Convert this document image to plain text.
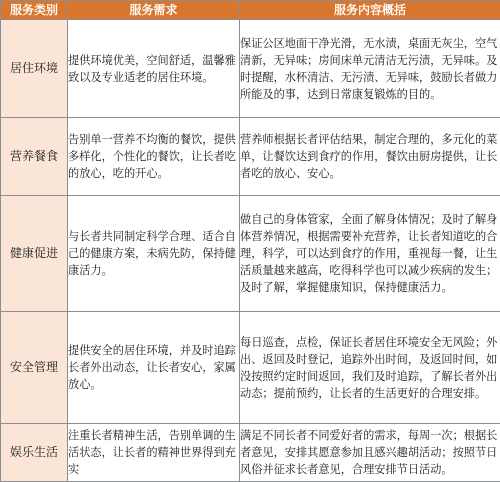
服务类别	服务需求	服务内容概括

居住环境	提供环境优美，空间舒适，温馨雅致以及专业适老的居住环境。	保证公区地面干净光滑，无水渍，桌面无灰尘，空气清新，无异味；房间床单元清洁无污渍，无异味。及时提醒，水杯清洁、无污渍、无异味，鼓励长者做力所能及的事，达到日常康复锻炼的目的。

营养餐食	告别单一营养不均衡的餐饮，提供多样化，个性化的餐饮，让长者吃的放心，吃的开心。	营养师根据长者评估结果，制定合理的，多元化的菜单，让餐饮达到食疗的作用，餐饮由厨房提供，让长者吃的放心、安心。

健康促进	与长者共同制定科学合理、适合自己的健康方案，未病先防，保持健康活力。	做自己的身体管家，全面了解身体情况；及时了解身体营养情况，根据需要补充营养，让长者知道吃的合理，科学，可以达到食疗的作用，重视每一餐，让生活质量越来越高，吃得科学也可以减少疾病的发生；及时了解，掌握健康知识，保持健康活力。

安全管理	提供安全的居住环境，并及时追踪长者外出动态，让长者安心，家属放心。	每日巡查，点检，保证长者居住环境安全无风险；外出、返回及时登记，追踪外出时间，及返回时间，如没按照约定时间返回，我们及时追踪，了解长者外出动态；提前预约，让长者的生活更好的合理安排。

娱乐生活	注重长者精神生活，告别单调的生活状态，让长者的精神世界得到充实	满足不同长者不同爱好者的需求，每周一次；根据长者意见，安排其愿意参加且感兴趣胡活动；按照节日风俗并征求长者意见，合理安排节日活动。
